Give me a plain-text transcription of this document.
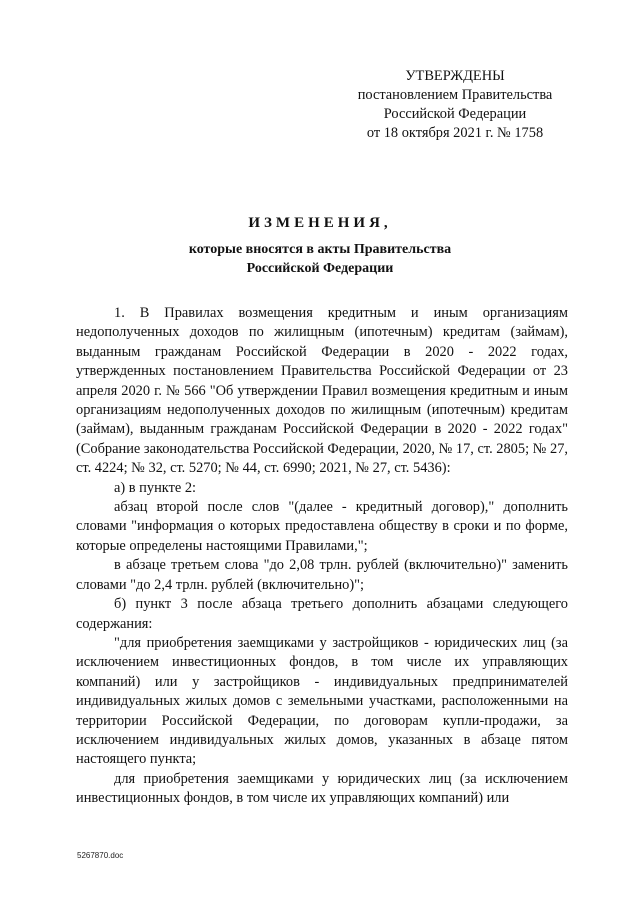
УТВЕРЖДЕНЫ
постановлением Правительства
Российской Федерации
от 18 октября 2021 г. № 1758
ИЗМЕНЕНИЯ,
которые вносятся в акты Правительства
Российской Федерации

1. В Правилах возмещения кредитным и иным организациям недополученных доходов по жилищным (ипотечным) кредитам (займам), выданным гражданам Российской Федерации в 2020 - 2022 годах, утвержденных постановлением Правительства Российской Федерации от 23 апреля 2020 г. № 566 "Об утверждении Правил возмещения кредитным и иным организациям недополученных доходов по жилищным (ипотечным) кредитам (займам), выданным гражданам Российской Федерации в 2020 - 2022 годах" (Собрание законодательства Российской Федерации, 2020, № 17, ст. 2805; № 27, ст. 4224; № 32, ст. 5270; № 44, ст. 6990; 2021, № 27, ст. 5436):

а) в пункте 2:

абзац второй после слов "(далее - кредитный договор)," дополнить словами "информация о которых предоставлена обществу в сроки и по форме, которые определены настоящими Правилами,";

в абзаце третьем слова "до 2,08 трлн. рублей (включительно)" заменить словами "до 2,4 трлн. рублей (включительно)";

б) пункт 3 после абзаца третьего дополнить абзацами следующего содержания:

"для приобретения заемщиками у застройщиков - юридических лиц (за исключением инвестиционных фондов, в том числе их управляющих компаний) или у застройщиков - индивидуальных предпринимателей индивидуальных жилых домов с земельными участками, расположенными на территории Российской Федерации, по договорам купли-продажи, за исключением индивидуальных жилых домов, указанных в абзаце пятом настоящего пункта;

для приобретения заемщиками у юридических лиц (за исключением инвестиционных фондов, в том числе их управляющих компаний) или

5267870.doc
